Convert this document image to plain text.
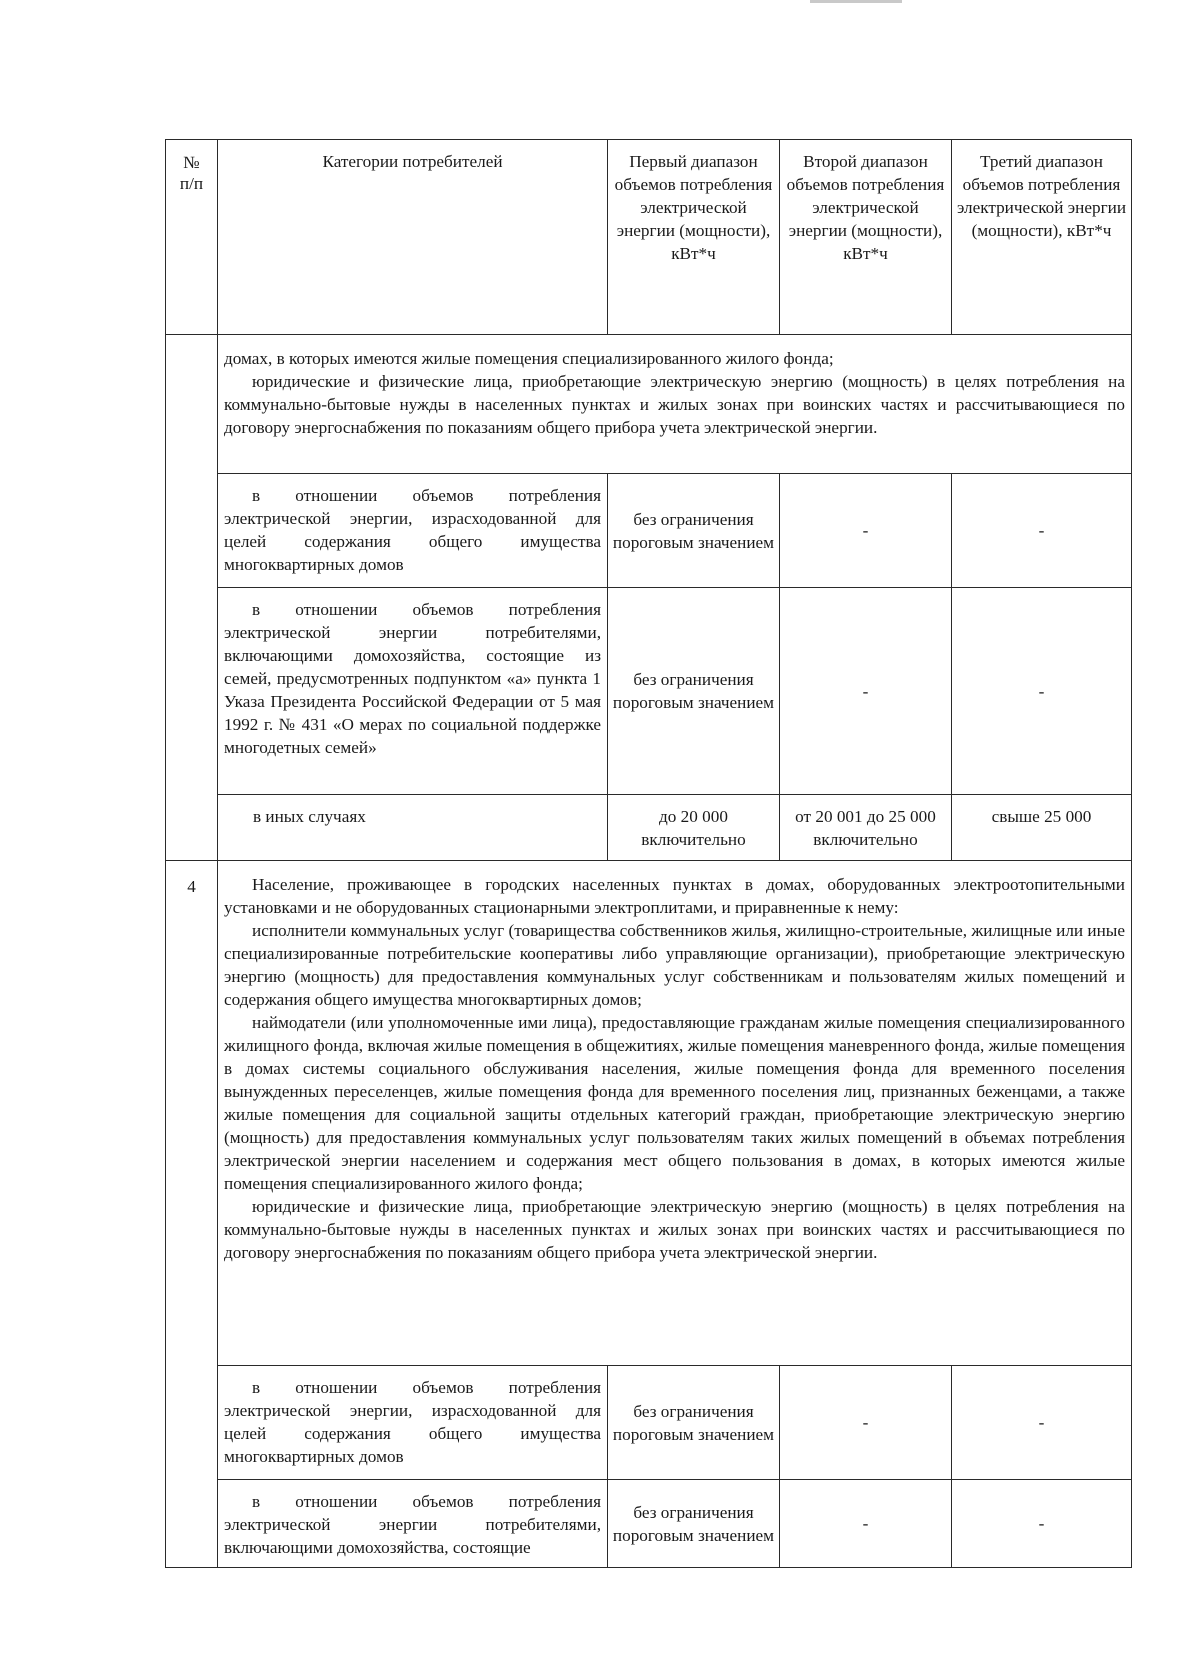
№
п/п	Категории потребителей	Первый диапазон объемов потребления электрической энергии (мощности), кВт*ч	Второй диапазон объемов потребления электрической энергии (мощности), кВт*ч	Третий диапазон объемов потребления электрической энергии (мощности), кВт*ч

	домах, в которых имеются жилые помещения специализированного жилого фонда;

юридические и физические лица, приобретающие электрическую энергию (мощность) в целях потребления на коммунально-бытовые нужды в населенных пунктах и жилых зонах при воинских частях и рассчитывающиеся по договору энергоснабжения по показаниям общего прибора учета электрической энергии.			

	в отношении объемов потребления электрической энергии, израсходованной для целей содержания общего имущества многоквартирных домов	без ограничения пороговым значением	-	-

	в отношении объемов потребления электрической энергии потребителями, включающими домохозяйства, состоящие из семей, предусмотренных подпунктом «а» пункта 1 Указа Президента Российской Федерации от 5 мая 1992 г. № 431 «О мерах по социальной поддержке многодетных семей»	без ограничения пороговым значением	-	-
	в иных случаях	до 20 000 включительно	от 20 001 до 25 000 включительно	свыше 25 000
4	Население, проживающее в городских населенных пунктах в домах, оборудованных электроотопительными установками и не оборудованных стационарными электроплитами, и приравненные к нему:

исполнители коммунальных услуг (товарищества собственников жилья, жилищно-строительные, жилищные или иные специализированные потребительские кооперативы либо управляющие организации), приобретающие электрическую энергию (мощность) для предоставления коммунальных услуг собственникам и пользователям жилых помещений и содержания общего имущества многоквартирных домов;

наймодатели (или уполномоченные ими лица), предоставляющие гражданам жилые помещения специализированного жилищного фонда, включая жилые помещения в общежитиях, жилые помещения маневренного фонда, жилые помещения в домах системы социального обслуживания населения, жилые помещения фонда для временного поселения вынужденных переселенцев, жилые помещения фонда для временного поселения лиц, признанных беженцами, а также жилые помещения для социальной защиты отдельных категорий граждан, приобретающие электрическую энергию (мощность) для предоставления коммунальных услуг пользователям таких жилых помещений в объемах потребления электрической энергии населением и содержания мест общего пользования в домах, в которых имеются жилые помещения специализированного жилого фонда;

юридические и физические лица, приобретающие электрическую энергию (мощность) в целях потребления на коммунально-бытовые нужды в населенных пунктах и жилых зонах при воинских частях и рассчитывающиеся по договору энергоснабжения по показаниям общего прибора учета электрической энергии.			

	в отношении объемов потребления электрической энергии, израсходованной для целей содержания общего имущества многоквартирных домов	без ограничения пороговым значением	-	-

	в отношении объемов потребления электрической энергии потребителями, включающими домохозяйства, состоящие	без ограничения пороговым значением	-	-
